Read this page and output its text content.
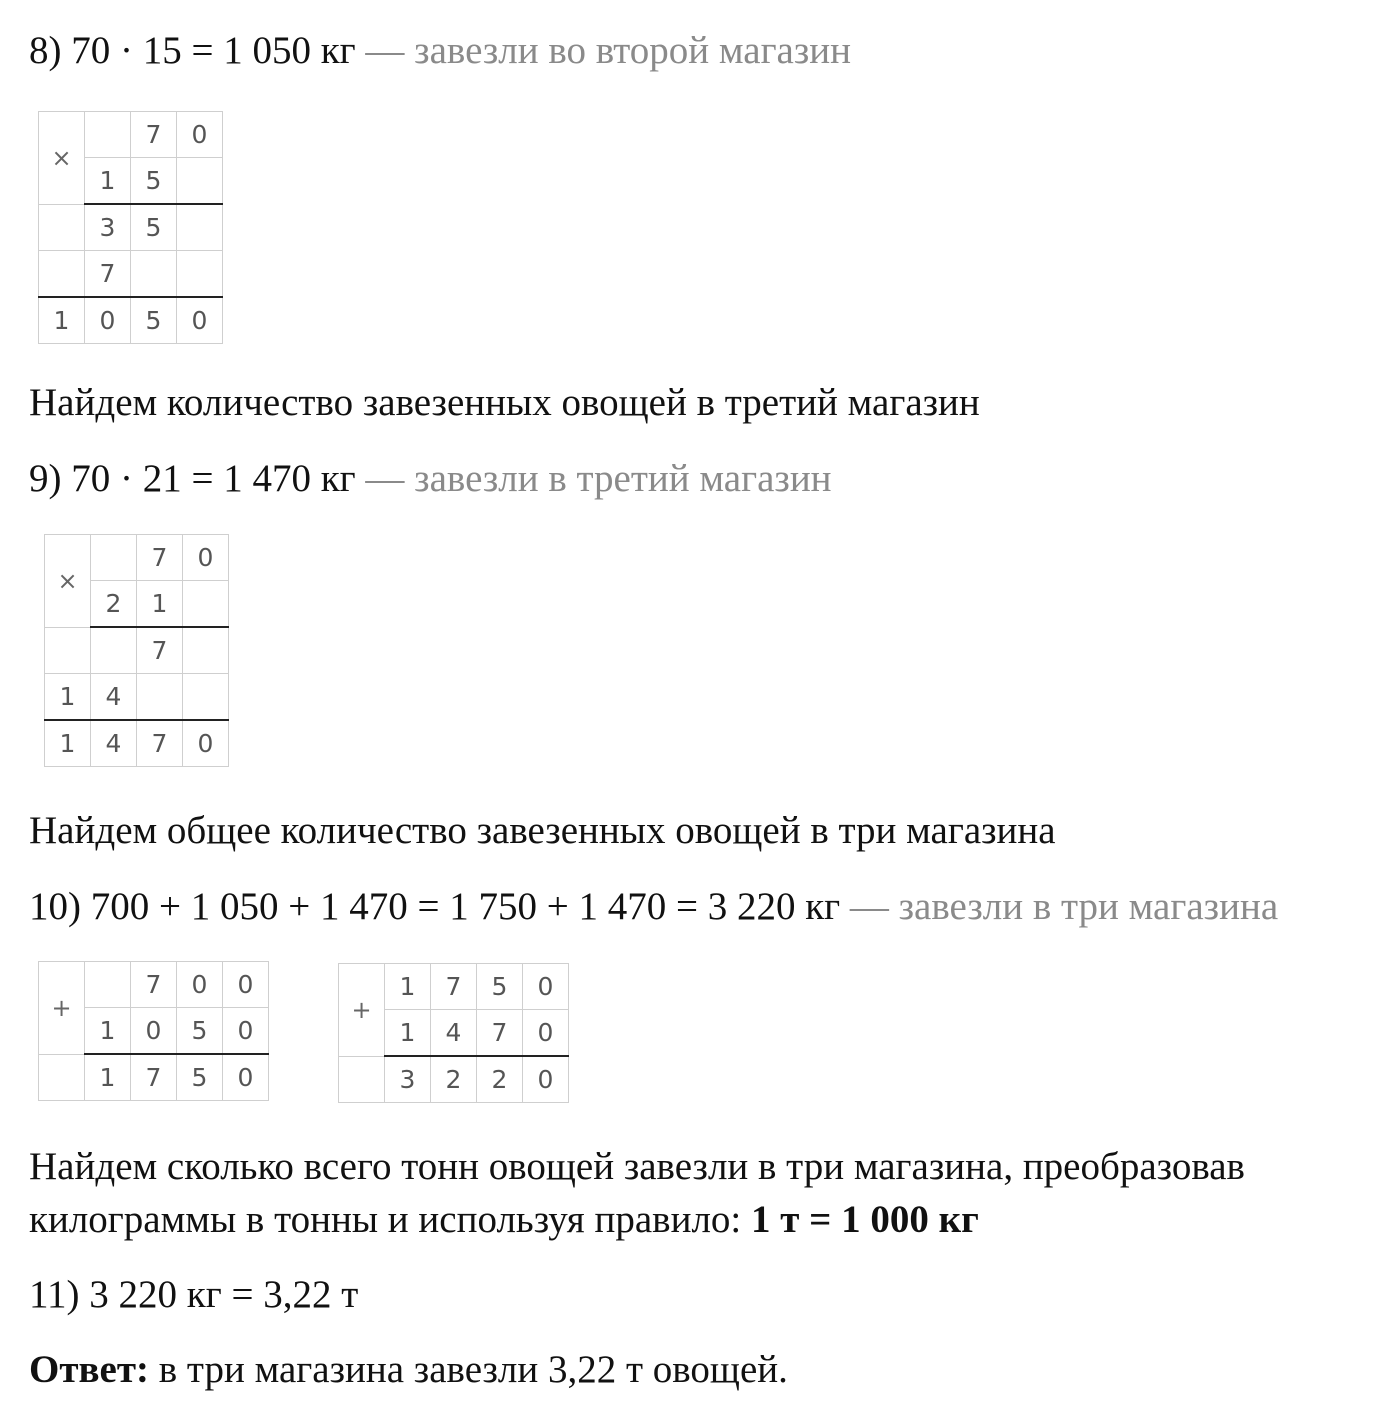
8) 70 · 15 = 1 050 кг — завезли во второй магазин

×		7	0
	1	5	
	3	5	
	7		
1	0	5	0

Найдем количество завезенных овощей в третий магазин

9) 70 · 21 = 1 470 кг — завезли в третий магазин

×		7	0
	2	1	
		7	
1	4		
1	4	7	0

Найдем общее количество завезенных овощей в три магазина

10) 700 + 1 050 + 1 470 = 1 750 + 1 470 = 3 220 кг — завезли в три магазина

+		7	0	0
	1	0	5	0
	1	7	5	0
+	1	7	5	0
	1	4	7	0
	3	2	2	0

Найдем сколько всего тонн овощей завезли в три магазина, преобразовав

килограммы в тонны и используя правило: 1 т = 1 000 кг

11) 3 220 кг = 3,22 т

Ответ: в три магазина завезли 3,22 т овощей.
